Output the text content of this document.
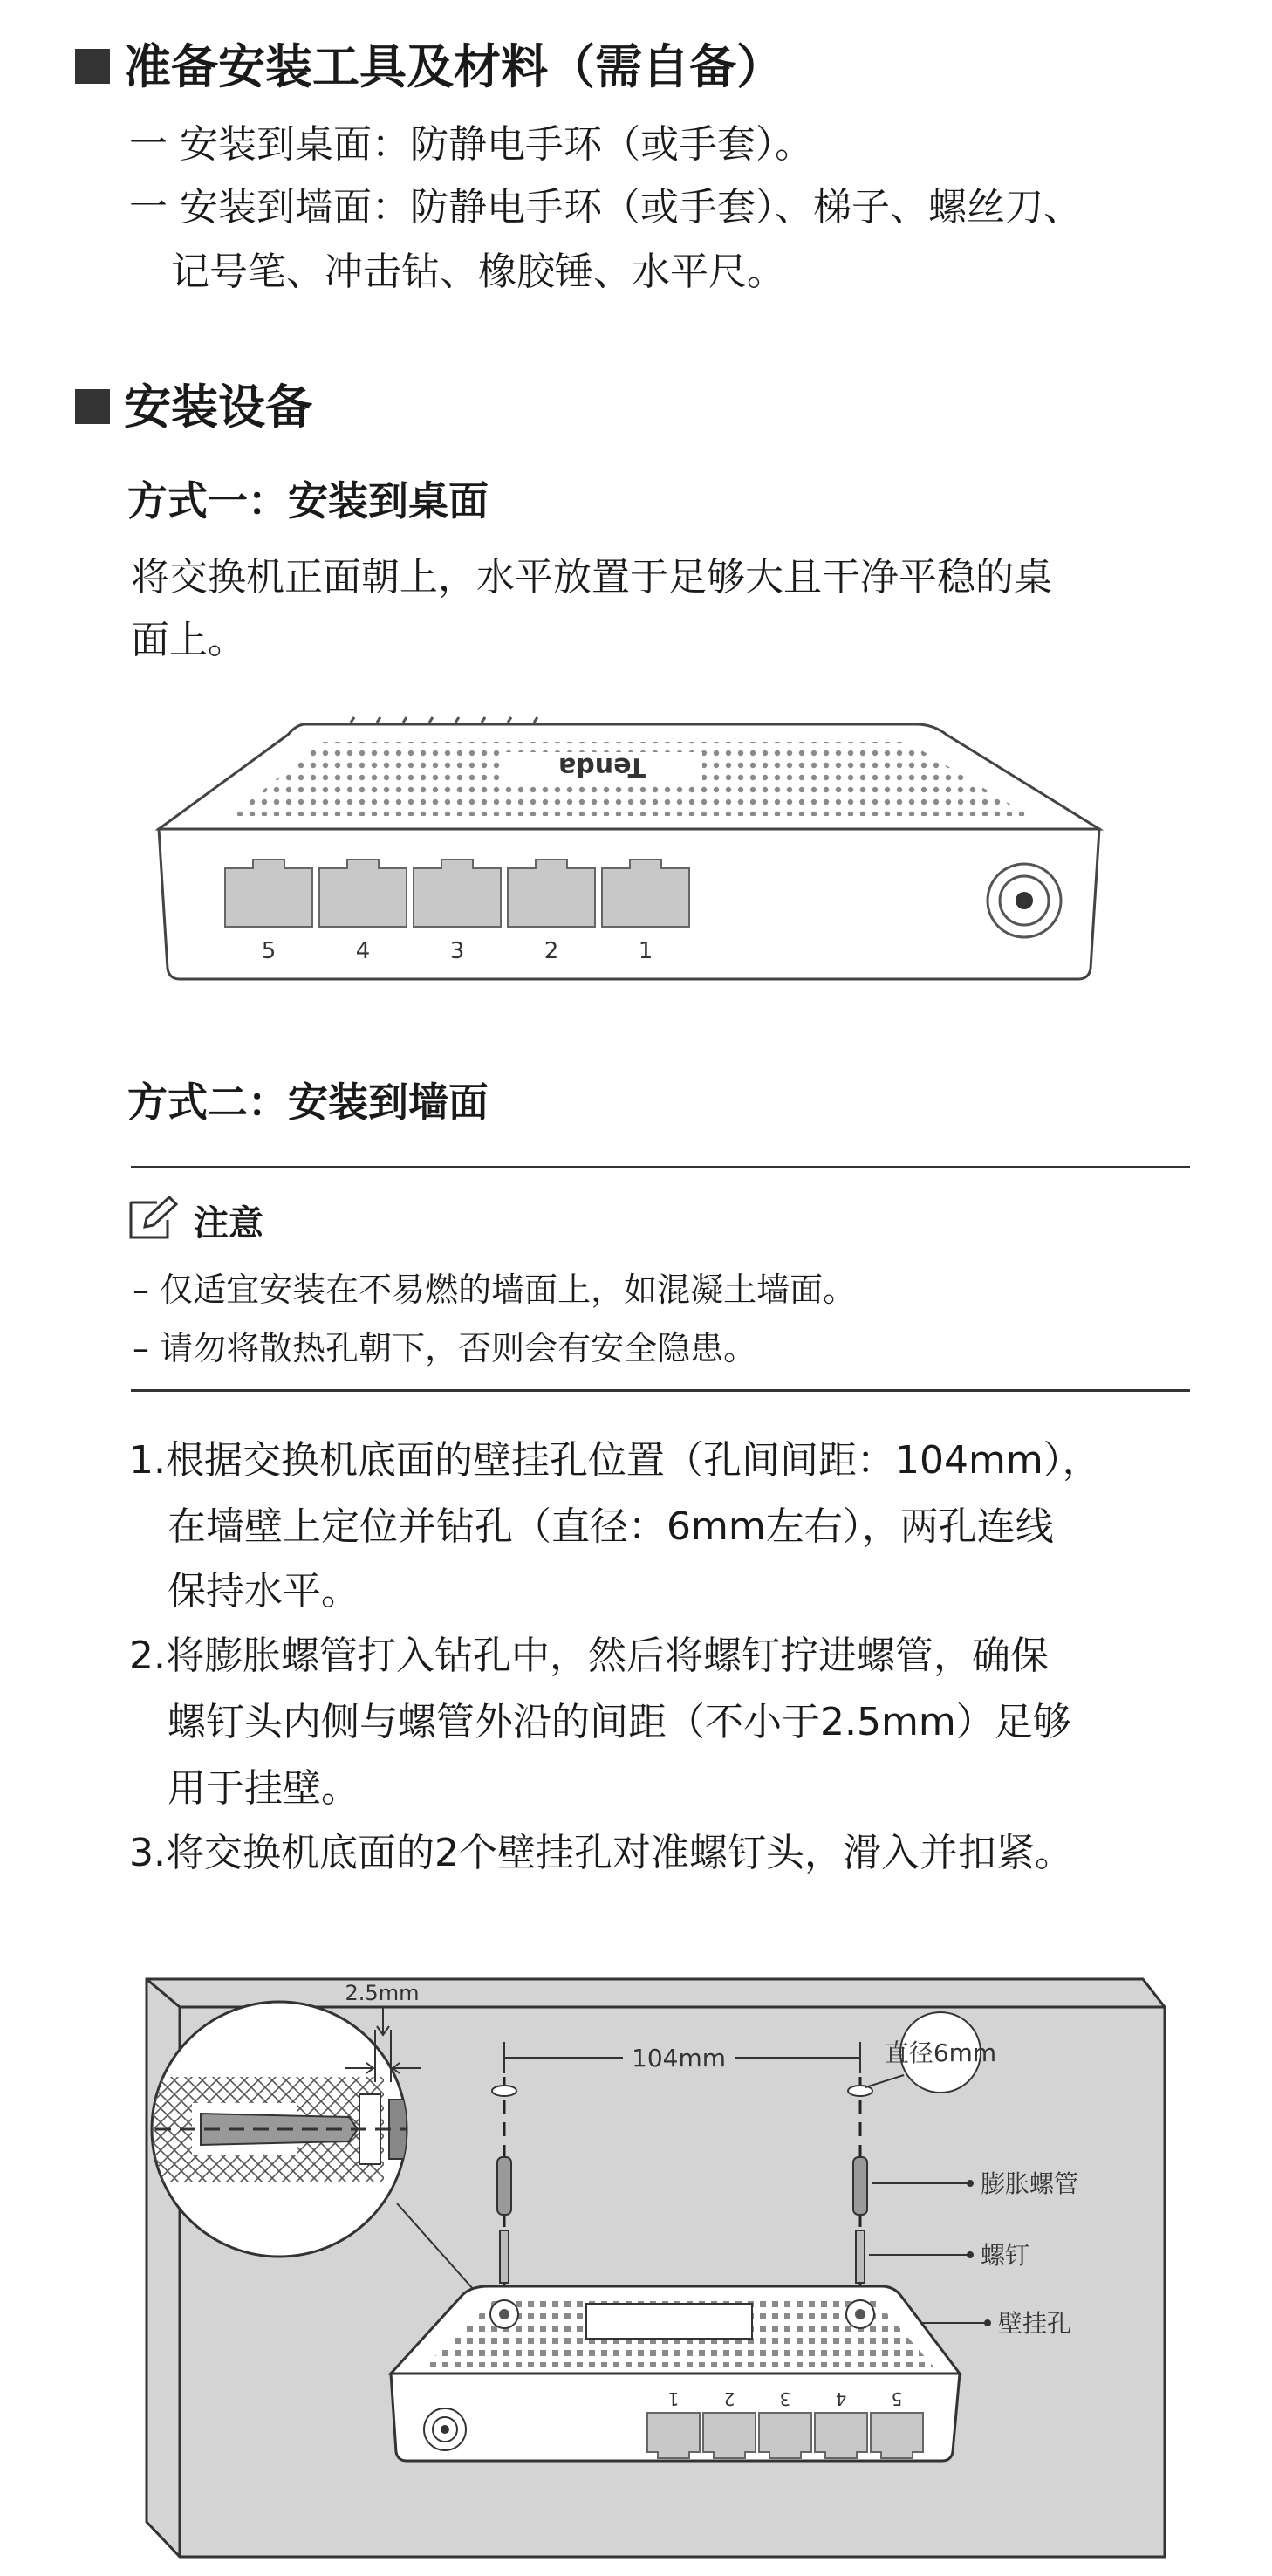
准备安装工具及材料（需自备）
一 安装到桌面：防静电手环（或手套）。
一 安装到墙面：防静电手环（或手套）、梯子、螺丝刀、
记号笔、冲击钻、橡胶锤、水平尺。
安装设备
方式一：安装到桌面
将交换机正面朝上，水平放置于足够大且干净平稳的桌
面上。
Tenda
5	4	3	2	1
方式二：安装到墙面
注意
– 仅适宜安装在不易燃的墙面上，如混凝土墙面。
– 请勿将散热孔朝下，否则会有安全隐患。
1.根据交换机底面的壁挂孔位置（孔间间距：104mm），
在墙壁上定位并钻孔（直径：6mm左右），两孔连线
保持水平。
2.将膨胀螺管打入钻孔中，然后将螺钉拧进螺管，确保
螺钉头内侧与螺管外沿的间距（不小于2.5mm）足够
用于挂壁。
3.将交换机底面的2个壁挂孔对准螺钉头，滑入并扣紧。
2.5mm
104mm	直径6mm
膨胀螺管
螺钉
壁挂孔
1	2	3	4	5
